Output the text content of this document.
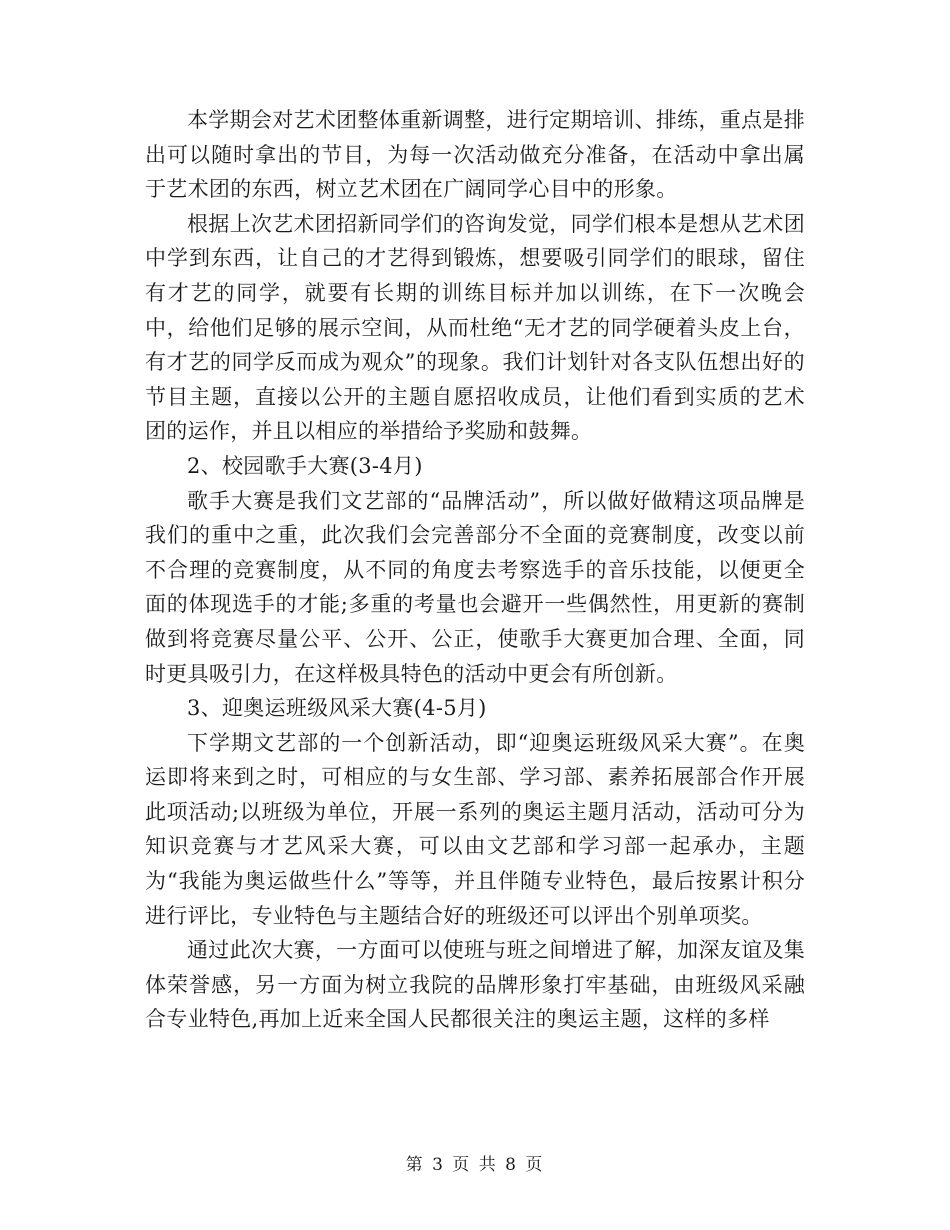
本学期会对艺术团整体重新调整，进行定期培训、排练，重点是排出可以随时拿出的节目，为每一次活动做充分准备，在活动中拿出属于艺术团的东西，树立艺术团在广阔同学心目中的形象。

根据上次艺术团招新同学们的咨询发觉，同学们根本是想从艺术团中学到东西，让自己的才艺得到锻炼，想要吸引同学们的眼球，留住有才艺的同学，就要有长期的训练目标并加以训练，在下一次晚会中，给他们足够的展示空间，从而杜绝“无才艺的同学硬着头皮上台，有才艺的同学反而成为观众”的现象。我们计划针对各支队伍想出好的节目主题，直接以公开的主题自愿招收成员，让他们看到实质的艺术团的运作，并且以相应的举措给予奖励和鼓舞。

2、校园歌手大赛(3-4月)

歌手大赛是我们文艺部的“品牌活动”，所以做好做精这项品牌是我们的重中之重，此次我们会完善部分不全面的竞赛制度，改变以前不合理的竞赛制度，从不同的角度去考察选手的音乐技能，以便更全面的体现选手的才能;多重的考量也会避开一些偶然性，用更新的赛制做到将竞赛尽量公平、公开、公正，使歌手大赛更加合理、全面，同时更具吸引力，在这样极具特色的活动中更会有所创新。

3、迎奥运班级风采大赛(4-5月)

下学期文艺部的一个创新活动，即“迎奥运班级风采大赛”。在奥运即将来到之时，可相应的与女生部、学习部、素养拓展部合作开展此项活动;以班级为单位，开展一系列的奥运主题月活动，活动可分为知识竞赛与才艺风采大赛，可以由文艺部和学习部一起承办，主题为“我能为奥运做些什么”等等，并且伴随专业特色，最后按累计积分进行评比，专业特色与主题结合好的班级还可以评出个别单项奖。

通过此次大赛，一方面可以使班与班之间增进了解，加深友谊及集体荣誉感，另一方面为树立我院的品牌形象打牢基础，由班级风采融合专业特色,再加上近来全国人民都很关注的奥运主题，这样的多样

第 3 页 共 8 页
